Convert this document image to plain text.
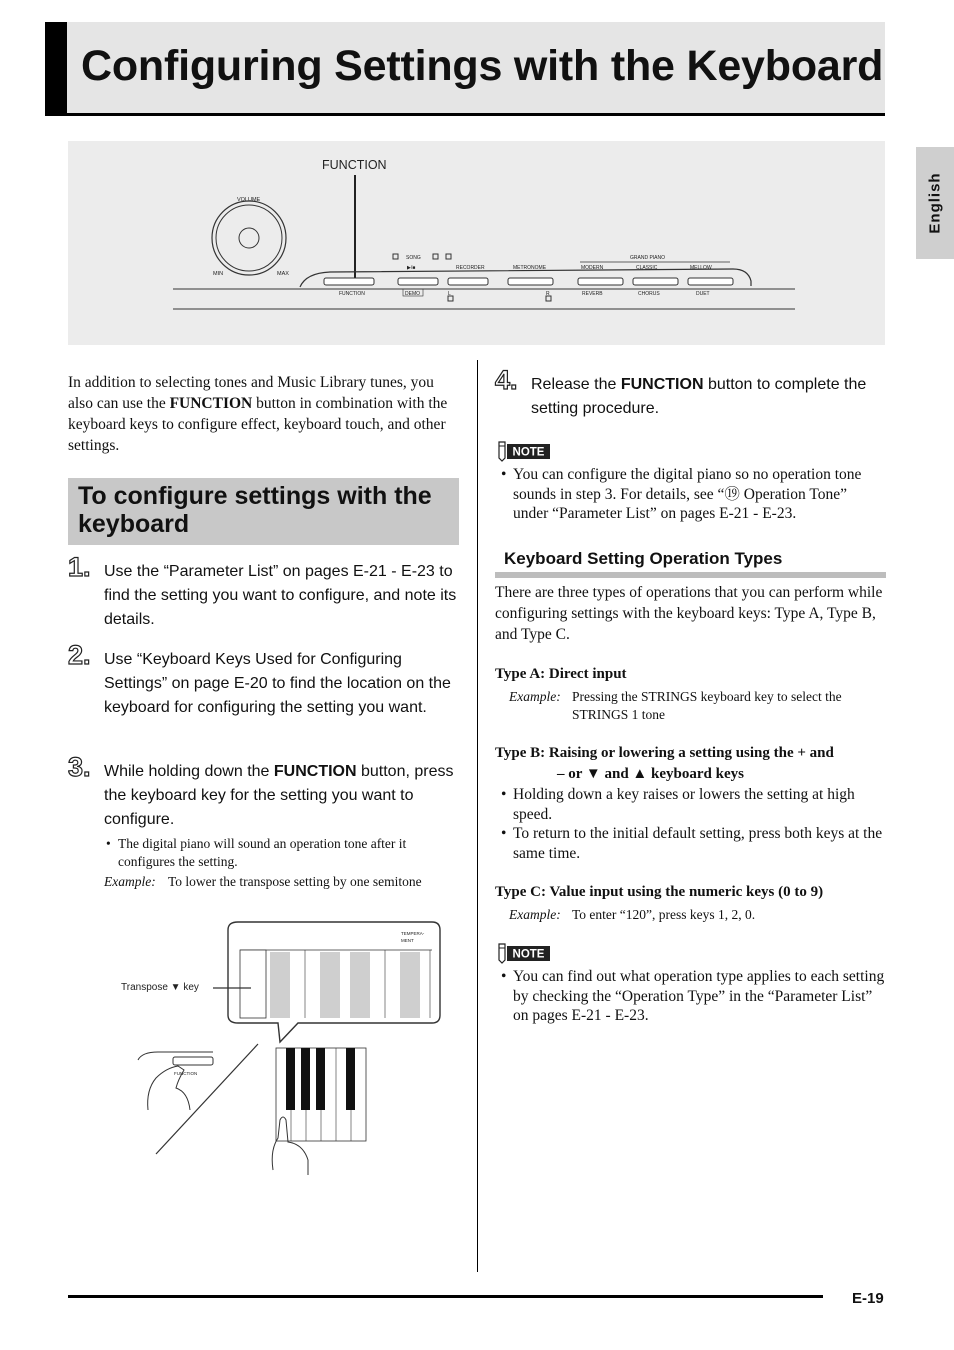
Configuring Settings with the Keyboard
English
FUNCTION
VOLUME
MIN	MAX
SONG
▶/■	RECORDER	METRONOME
GRAND PIANO
MODERN	CLASSIC	MELLOW
FUNCTION	DEMO	L	R	REVERB	CHORUS	DUET
In addition to selecting tones and Music Library tunes, you also can use the FUNCTION button in combination with the keyboard keys to configure effect, keyboard touch, and other settings.
To configure settings with the keyboard
1. Use the “Parameter List” on pages E-21 - E-23 to find the setting you want to configure, and note its details.
2. Use “Keyboard Keys Used for Configuring Settings” on page E-20 to find the location on the keyboard for configuring the setting you want.
3. While holding down the FUNCTION button, press the keyboard key for the setting you want to configure.
• The digital piano will sound an operation tone after it configures the setting.
Example: To lower the transpose setting by one semitone
TEMPERA-
MENT
Transpose ▼ key
FUNCTION
4. Release the FUNCTION button to complete the setting procedure.
NOTE
• You can configure the digital piano so no operation tone sounds in step 3. For details, see “⑲ Operation Tone” under “Parameter List” on pages E-21 - E-23.
Keyboard Setting Operation Types
There are three types of operations that you can perform while configuring settings with the keyboard keys: Type A, Type B, and Type C.
Type A: Direct input
Example: Pressing the STRINGS keyboard key to select the STRINGS 1 tone
Type B: Raising or lowering a setting using the + and
– or ▼ and ▲ keyboard keys
• Holding down a key raises or lowers the setting at high speed.
• To return to the initial default setting, press both keys at the same time.
Type C: Value input using the numeric keys (0 to 9)
Example: To enter “120”, press keys 1, 2, 0.
NOTE
• You can find out what operation type applies to each setting by checking the “Operation Type” in the “Parameter List” on pages E-21 - E-23.
E-19
